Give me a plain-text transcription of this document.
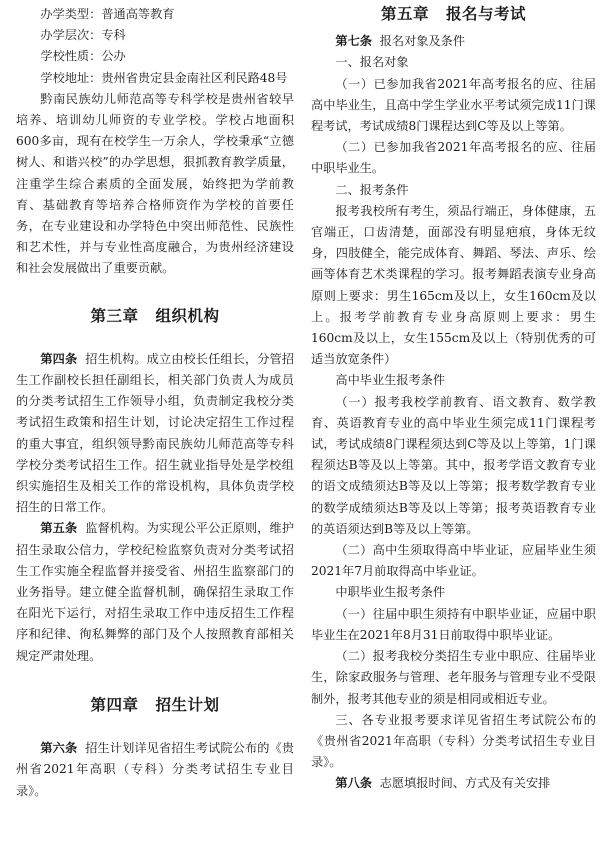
办学类型：普通高等教育

办学层次：专科

学校性质：公办

学校地址：贵州省贵定县金南社区利民路48号

黔南民族幼儿师范高等专科学校是贵州省较早培养、培训幼儿师资的专业学校。学校占地面积600多亩，现有在校学生一万余人，学校秉承“立德树人、和谐兴校”的办学思想，狠抓教育教学质量，注重学生综合素质的全面发展，始终把为学前教育、基础教育等培养合格师资作为学校的首要任务，在专业建设和办学特色中突出师范性、民族性和艺术性，并与专业性高度融合，为贵州经济建设和社会发展做出了重要贡献。

第三章 组织机构

第四条 招生机构。成立由校长任组长，分管招生工作副校长担任副组长，相关部门负责人为成员的分类考试招生工作领导小组，负责制定我校分类考试招生政策和招生计划，讨论决定招生工作过程的重大事宜，组织领导黔南民族幼儿师范高等专科学校分类考试招生工作。招生就业指导处是学校组织实施招生及相关工作的常设机构，具体负责学校招生的日常工作。

第五条 监督机构。为实现公平公正原则，维护招生录取公信力，学校纪检监察负责对分类考试招生工作实施全程监督并接受省、州招生监察部门的业务指导。建立健全监督机制，确保招生录取工作在阳光下运行，对招生录取工作中违反招生工作程序和纪律、徇私舞弊的部门及个人按照教育部相关规定严肃处理。

第四章 招生计划

第六条 招生计划详见省招生考试院公布的《贵州省2021年高职（专科）分类考试招生专业目录》。

第五章 报名与考试

第七条 报名对象及条件

一、报名对象

（一）已参加我省2021年高考报名的应、往届高中毕业生，且高中学生学业水平考试须完成11门课程考试，考试成绩8门课程达到C等及以上等第。

（二）已参加我省2021年高考报名的应、往届中职毕业生。

二、报考条件

报考我校所有考生，须品行端正，身体健康，五官端正，口齿清楚，面部没有明显疤痕，身体无纹身，四肢健全，能完成体育、舞蹈、琴法、声乐、绘画等体育艺术类课程的学习。报考舞蹈表演专业身高原则上要求：男生165cm及以上，女生160cm及以上。报考学前教育专业身高原则上要求：男生160cm及以上，女生155cm及以上（特别优秀的可适当放宽条件）

高中毕业生报考条件

（一）报考我校学前教育、语文教育、数学教育、英语教育专业的高中毕业生须完成11门课程考试，考试成绩8门课程须达到C等及以上等第，1门课程须达B等及以上等第。其中，报考学语文教育专业的语文成绩须达B等及以上等第；报考数学教育专业的数学成绩须达B等及以上等第；报考英语教育专业的英语须达到B等及以上等第。

（二）高中生须取得高中毕业证，应届毕业生须2021年7月前取得高中毕业证。

中职毕业生报考条件

（一）往届中职生须持有中职毕业证，应届中职毕业生在2021年8月31日前取得中职毕业证。

（二）报考我校分类招生专业中职应、往届毕业生，除家政服务与管理、老年服务与管理专业不受限制外，报考其他专业的须是相同或相近专业。

三、各专业报考要求详见省招生考试院公布的《贵州省2021年高职（专科）分类考试招生专业目录》。

第八条 志愿填报时间、方式及有关安排
